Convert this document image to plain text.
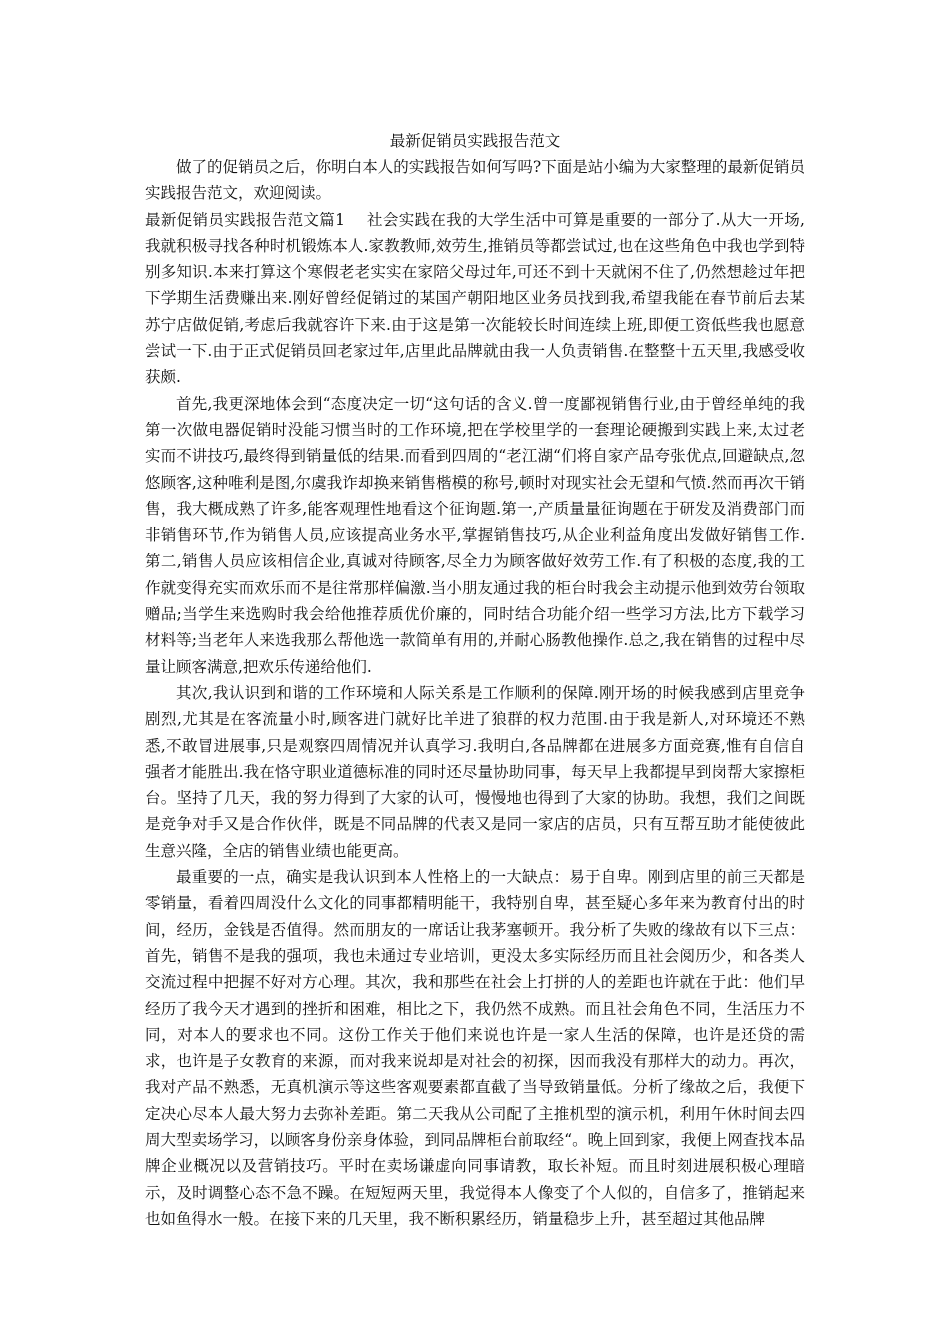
最新促销员实践报告范文

做了的促销员之后，你明白本人的实践报告如何写吗?下面是站小编为大家整理的最新促销员实践报告范文，欢迎阅读。

最新促销员实践报告范文篇1 社会实践在我的大学生活中可算是重要的一部分了.从大一开场,我就积极寻找各种时机锻炼本人.家教教师,效劳生,推销员等都尝试过,也在这些角色中我也学到特别多知识.本来打算这个寒假老老实实在家陪父母过年,可还不到十天就闲不住了,仍然想趁过年把下学期生活费赚出来.刚好曾经促销过的某国产朝阳地区业务员找到我,希望我能在春节前后去某苏宁店做促销,考虑后我就容许下来.由于这是第一次能较长时间连续上班,即便工资低些我也愿意尝试一下.由于正式促销员回老家过年,店里此品牌就由我一人负责销售.在整整十五天里,我感受收获颇.

首先,我更深地体会到“态度决定一切“这句话的含义.曾一度鄙视销售行业,由于曾经单纯的我第一次做电器促销时没能习惯当时的工作环境,把在学校里学的一套理论硬搬到实践上来,太过老实而不讲技巧,最终得到销量低的结果.而看到四周的“老江湖“们将自家产品夸张优点,回避缺点,忽悠顾客,这种唯利是图,尔虞我诈却换来销售楷模的称号,顿时对现实社会无望和气愤.然而再次干销售，我大概成熟了许多,能客观理性地看这个征询题.第一,产质量量征询题在于研发及消费部门而非销售环节,作为销售人员,应该提高业务水平,掌握销售技巧,从企业利益角度出发做好销售工作.第二,销售人员应该相信企业,真诚对待顾客,尽全力为顾客做好效劳工作.有了积极的态度,我的工作就变得充实而欢乐而不是往常那样偏激.当小朋友通过我的柜台时我会主动提示他到效劳台领取赠品;当学生来选购时我会给他推荐质优价廉的，同时结合功能介绍一些学习方法,比方下载学习材料等;当老年人来选我那么帮他选一款简单有用的,并耐心肠教他操作.总之,我在销售的过程中尽量让顾客满意,把欢乐传递给他们.

其次,我认识到和谐的工作环境和人际关系是工作顺利的保障.刚开场的时候我感到店里竞争剧烈,尤其是在客流量小时,顾客进门就好比羊进了狼群的权力范围.由于我是新人,对环境还不熟悉,不敢冒进展事,只是观察四周情况并认真学习.我明白,各品牌都在进展多方面竞赛,惟有自信自强者才能胜出.我在恪守职业道德标准的同时还尽量协助同事，每天早上我都提早到岗帮大家擦柜台。坚持了几天，我的努力得到了大家的认可，慢慢地也得到了大家的协助。我想，我们之间既是竞争对手又是合作伙伴，既是不同品牌的代表又是同一家店的店员，只有互帮互助才能使彼此生意兴隆，全店的销售业绩也能更高。

最重要的一点，确实是我认识到本人性格上的一大缺点：易于自卑。刚到店里的前三天都是零销量，看着四周没什么文化的同事都精明能干，我特别自卑，甚至疑心多年来为教育付出的时间，经历，金钱是否值得。然而朋友的一席话让我茅塞顿开。我分析了失败的缘故有以下三点：首先，销售不是我的强项，我也未通过专业培训，更没太多实际经历而且社会阅历少，和各类人交流过程中把握不好对方心理。其次，我和那些在社会上打拼的人的差距也许就在于此：他们早经历了我今天才遇到的挫折和困难，相比之下，我仍然不成熟。而且社会角色不同，生活压力不同，对本人的要求也不同。这份工作关于他们来说也许是一家人生活的保障，也许是还贷的需求，也许是子女教育的来源，而对我来说却是对社会的初探，因而我没有那样大的动力。再次，我对产品不熟悉，无真机演示等这些客观要素都直截了当导致销量低。分析了缘故之后，我便下定决心尽本人最大努力去弥补差距。第二天我从公司配了主推机型的演示机，利用午休时间去四周大型卖场学习，以顾客身份亲身体验，到同品牌柜台前取经“。晚上回到家，我便上网查找本品牌企业概况以及营销技巧。平时在卖场谦虚向同事请教，取长补短。而且时刻进展积极心理暗示，及时调整心态不急不躁。在短短两天里，我觉得本人像变了个人似的，自信多了，推销起来也如鱼得水一般。在接下来的几天里，我不断积累经历，销量稳步上升，甚至超过其他品牌
